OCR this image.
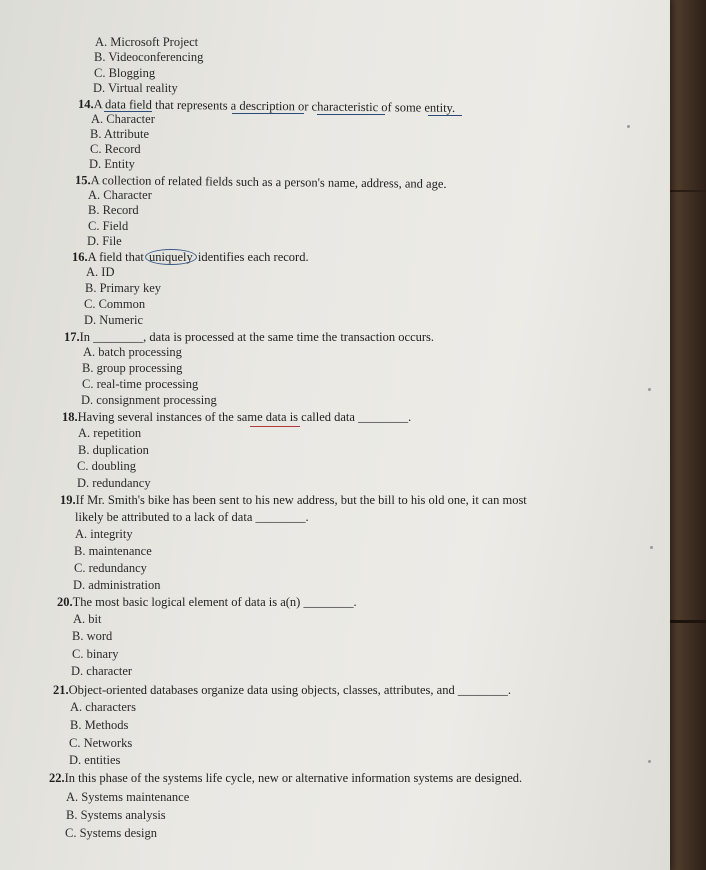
A. Microsoft Project
B. Videoconferencing
C. Blogging
D. Virtual reality
14.A data field that represents a description or characteristic of some entity.
A. Character
B. Attribute
C. Record
D. Entity
15.A collection of related fields such as a person's name, address, and age.
A. Character
B. Record
C. Field
D. File
16.A field that uniquely identifies each record.
A. ID
B. Primary key
C. Common
D. Numeric
17.In ________, data is processed at the same time the transaction occurs.
A. batch processing
B. group processing
C. real-time processing
D. consignment processing
18.Having several instances of the same data is called data ________.
A. repetition
B. duplication
C. doubling
D. redundancy
19.If Mr. Smith's bike has been sent to his new address, but the bill to his old one, it can most
likely be attributed to a lack of data ________.
A. integrity
B. maintenance
C. redundancy
D. administration
20.The most basic logical element of data is a(n) ________.
A. bit
B. word
C. binary
D. character
21.Object-oriented databases organize data using objects, classes, attributes, and ________.
A. characters
B. Methods
C. Networks
D. entities
22.In this phase of the systems life cycle, new or alternative information systems are designed.
A. Systems maintenance
B. Systems analysis
C. Systems design
